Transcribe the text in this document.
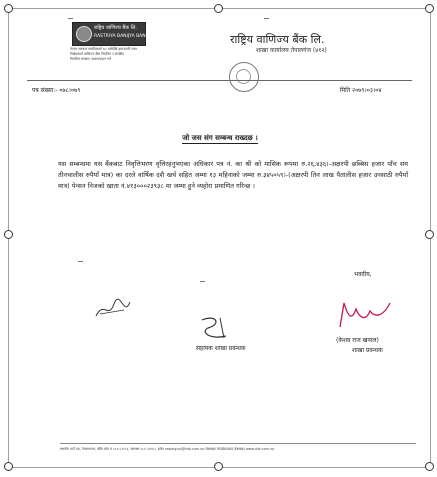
राष्ट्रिय वाणिज्य बैंक लि.
RASTRIYA BANIJYA BANK LTD.
नेपाल सरकार स्वामित्वको ७२ वर्षदेखि इमानदारी साथ
निक्षेपकर्ता वाणिज्य बैंक नियमित र संरक्षित
नियमित संरक्षण आदानप्रदान गर्ने
राष्ट्रिय वाणिज्य बैंक लि.
शाखा कार्यालय तेपालगंज (४१२)
पत्र संख्या:- ०७८।०७९	मिति २०७९।०३।०४
जो जस संग सम्बन्ध राख्दछ ।

यस सम्बन्धमा यस बैंकबाट निवृत्तिभरण वृत्तिरहनुभएका अधिकार पत्र नं. का श्री को मासिक रूपमा रु.२६,४३६।-अक्षरपी छब्बिस हजार पाँच सय तीनचालीस रुपैयाँ मात्र) का दरले वार्षिक दशै खर्च सहित जम्मा १३ महिनाको जम्मा रु.३४५०५९।-(अक्षरपी तिन लाख पैतालीस हजार उनसाठी रुपैयाँ मात्र) पेन्सन निजको खाता नं.४१३०००२३९३८ मा जम्मा हुने व्यहोरा प्रमाणित गरिन्छ ।

भवदीय,
सहायक शाखा प्रवन्धक
(केशव राज खनाल)
शाखा प्रवन्धक
स्थानीय ठाउँ पत्र, नेपालगञ्ज, बाँके फोन नं ०८१-५२०८३, फ्याक्स ०८१-५२०६५, इमेल nepalgunj@rbb.com.np वेबसाइट RBBANKA वेबसाइट www.rbb.com.np
